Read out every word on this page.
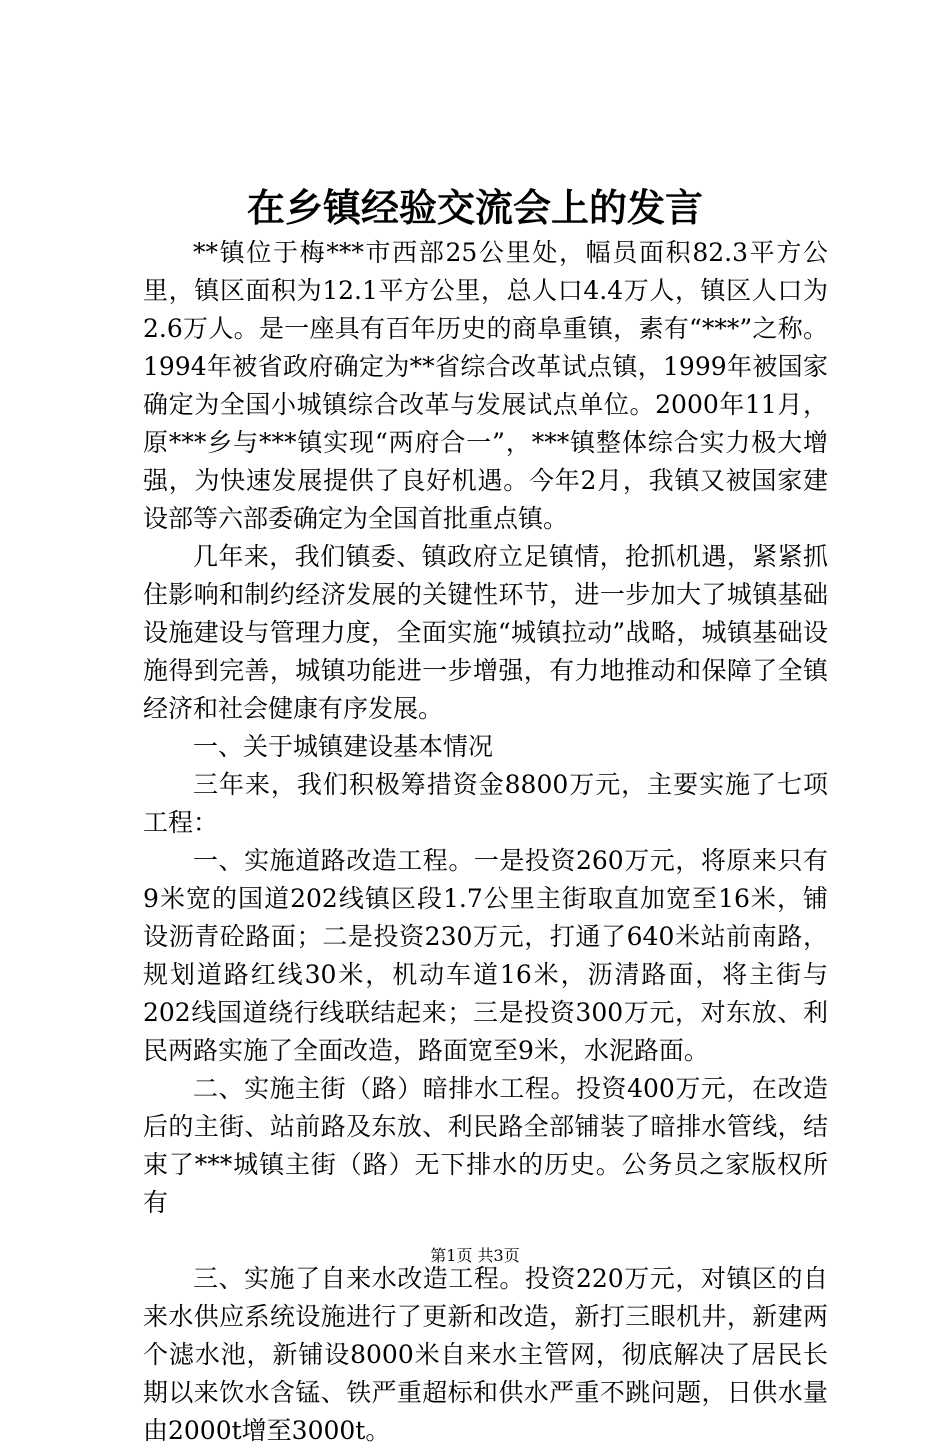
在乡镇经验交流会上的发言

**镇位于梅***市西部25公里处，幅员面积82.3平方公里，镇区面积为12.1平方公里，总人口4.4万人，镇区人口为2.6万人。是一座具有百年历史的商阜重镇，素有“***”之称。1994年被省政府确定为**省综合改革试点镇，1999年被国家确定为全国小城镇综合改革与发展试点单位。2000年11月，原***乡与***镇实现“两府合一”，***镇整体综合实力极大增强，为快速发展提供了良好机遇。今年2月，我镇又被国家建设部等六部委确定为全国首批重点镇。

几年来，我们镇委、镇政府立足镇情，抢抓机遇，紧紧抓住影响和制约经济发展的关键性环节，进一步加大了城镇基础设施建设与管理力度，全面实施“城镇拉动”战略，城镇基础设施得到完善，城镇功能进一步增强，有力地推动和保障了全镇经济和社会健康有序发展。

一、关于城镇建设基本情况

三年来，我们积极筹措资金8800万元，主要实施了七项工程：

一、实施道路改造工程。一是投资260万元，将原来只有9米宽的国道202线镇区段1.7公里主街取直加宽至16米，铺设沥青砼路面；二是投资230万元，打通了640米站前南路，规划道路红线30米，机动车道16米，沥清路面，将主街与202线国道绕行线联结起来；三是投资300万元，对东放、利民两路实施了全面改造，路面宽至9米，水泥路面。

二、实施主街（路）暗排水工程。投资400万元，在改造后的主街、站前路及东放、利民路全部铺装了暗排水管线，结束了***城镇主街（路）无下排水的历史。公务员之家版权所有

三、实施了自来水改造工程。投资220万元，对镇区的自来水供应系统设施进行了更新和改造，新打三眼机井，新建两个滤水池，新铺设8000米自来水主管网，彻底解决了居民长期以来饮水含锰、铁严重超标和供水严重不跳问题，日供水量由2000t增至3000t。

第1页 共3页
